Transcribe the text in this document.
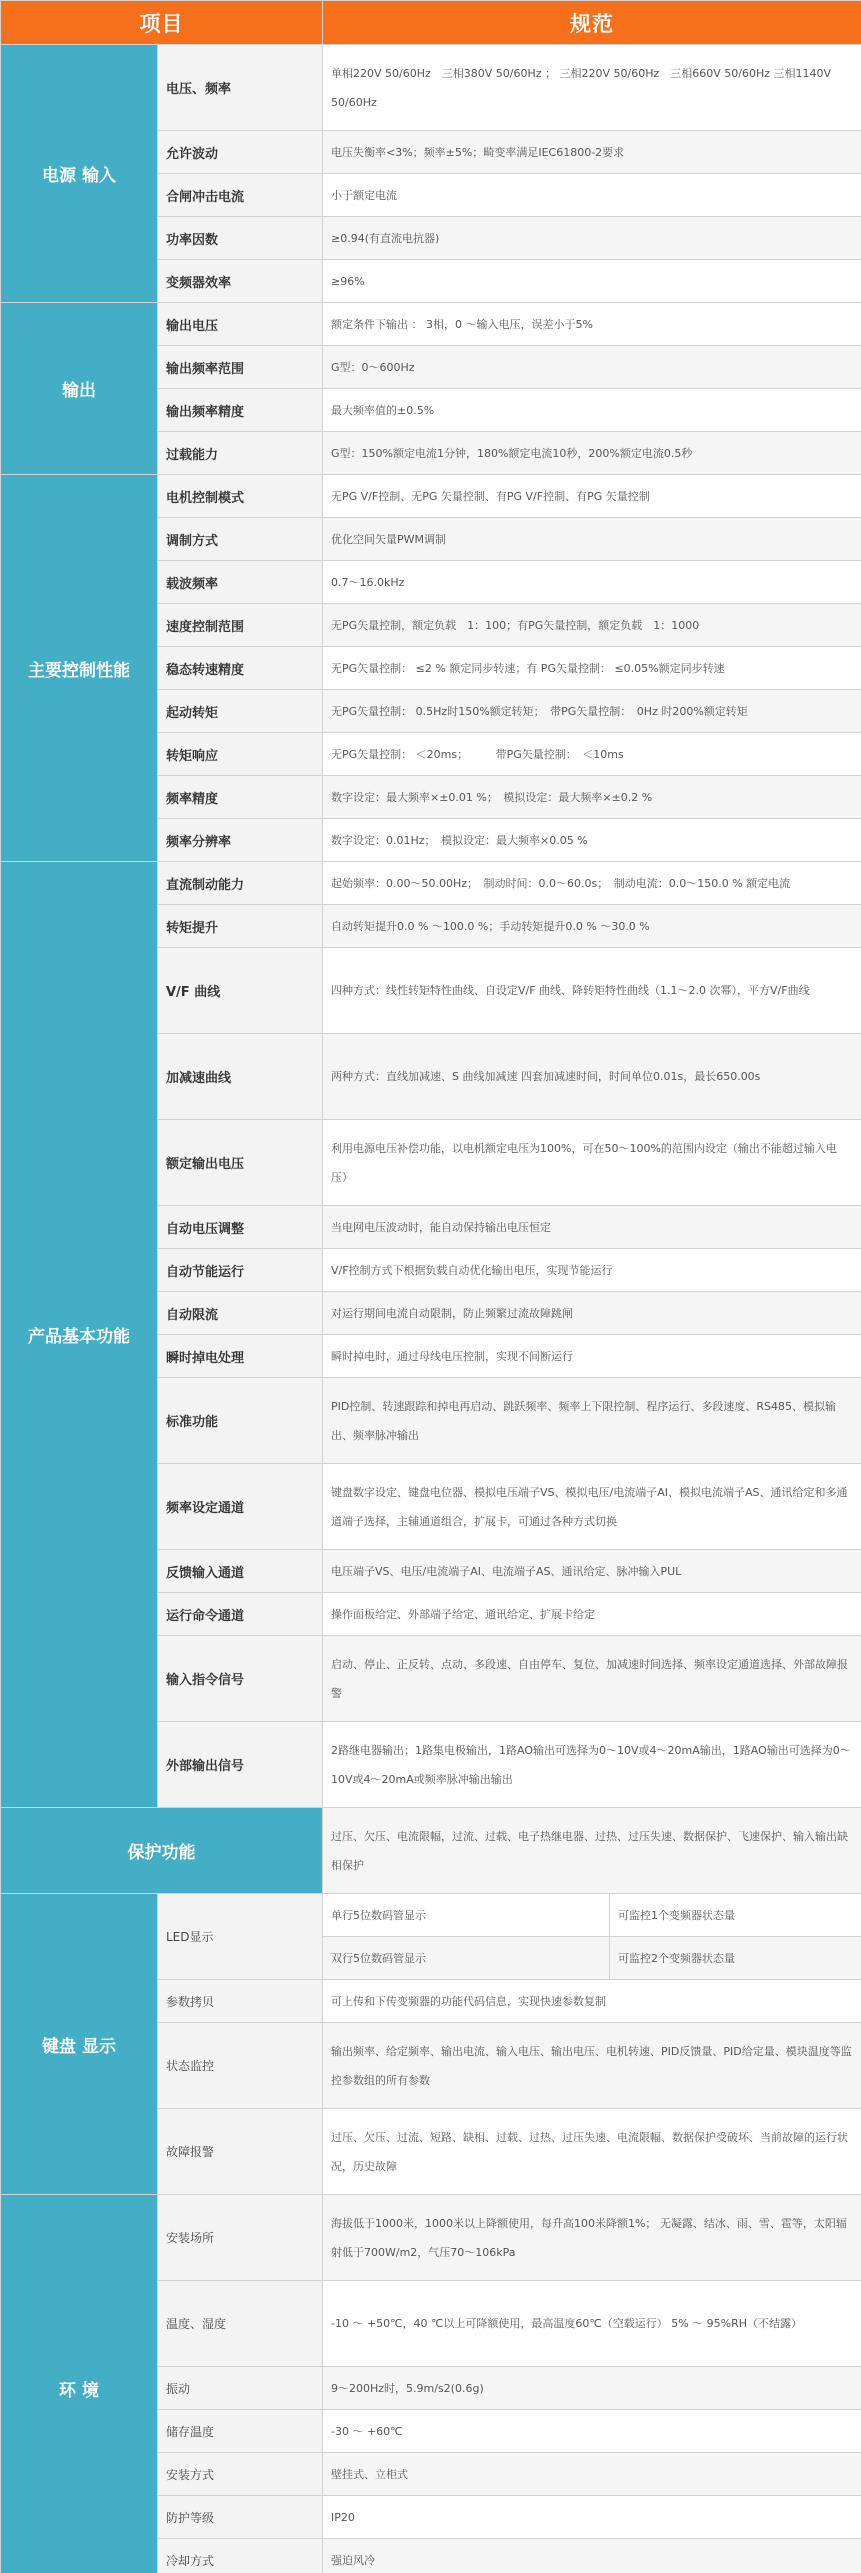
项目		规范	
电源 输入	电压、频率	单相220V 50/60Hz　三相380V 50/60Hz ； 三相220V 50/60Hz　三相660V 50/60Hz 三相1140V 50/60Hz	
	允许波动	电压失衡率<3%；频率±5%；畸变率满足IEC61800-2要求	
	合闸冲击电流	小于额定电流	
	功率因数	≥0.94(有直流电抗器)	
	变频器效率	≥96%	
输出	输出电压	额定条件下输出 ： 3相，0 ～输入电压，误差小于5%	
	输出频率范围	G型：0～600Hz	
	输出频率精度	最大频率值的±0.5%	
	过载能力	G型：150%额定电流1分钟，180%额定电流10秒，200%额定电流0.5秒	
主要控制性能	电机控制模式	无PG V/F控制、无PG 矢量控制、有PG V/F控制、有PG 矢量控制	
	调制方式	优化空间矢量PWM调制	
	载波频率	0.7～16.0kHz	
	速度控制范围	无PG矢量控制，额定负载　1：100；有PG矢量控制，额定负载　1：1000	
	稳态转速精度	无PG矢量控制： ≤2 % 额定同步转速；有 PG矢量控制： ≤0.05%额定同步转速	
	起动转矩	无PG矢量控制： 0.5Hz时150%额定转矩；　带PG矢量控制：　0Hz 时200%额定转矩	
	转矩响应	无PG矢量控制： ＜20ms；　　　带PG矢量控制：　＜10ms	
	频率精度	数字设定：最大频率×±0.01 %；　模拟设定：最大频率×±0.2 %	
	频率分辨率	数字设定：0.01Hz；　模拟设定：最大频率×0.05 %	
产品基本功能	直流制动能力	起始频率：0.00～50.00Hz；　制动时间：0.0～60.0s；　制动电流：0.0～150.0 % 额定电流	
	转矩提升	自动转矩提升0.0 % ～100.0 %；手动转矩提升0.0 % ～30.0 %	
	V/F 曲线	四种方式：线性转矩特性曲线、自设定V/F 曲线、降转矩特性曲线（1.1～2.0 次幂），平方V/F曲线	
	加减速曲线	两种方式：直线加减速、S 曲线加减速 四套加减速时间，时间单位0.01s，最长650.00s	
	额定输出电压	利用电源电压补偿功能，以电机额定电压为100%，可在50～100%的范围内设定（输出不能超过输入电压）	
	自动电压调整	当电网电压波动时，能自动保持输出电压恒定	
	自动节能运行	V/F控制方式下根据负载自动优化输出电压，实现节能运行	
	自动限流	对运行期间电流自动限制，防止频繁过流故障跳闸	
	瞬时掉电处理	瞬时掉电时，通过母线电压控制，实现不间断运行	
	标准功能	PID控制、转速跟踪和掉电再启动、跳跃频率、频率上下限控制、程序运行、多段速度、RS485、模拟输出、频率脉冲输出	
	频率设定通道	键盘数字设定、键盘电位器、模拟电压端子VS、模拟电压/电流端子AI、模拟电流端子AS、通讯给定和多通道端子选择，主辅通道组合，扩展卡，可通过各种方式切换	
	反馈输入通道	电压端子VS、电压/电流端子AI、电流端子AS、通讯给定、脉冲输入PUL	
	运行命令通道	操作面板给定、外部端子给定、通讯给定、扩展卡给定	
	输入指令信号	启动、停止、正反转、点动、多段速、自由停车、复位、加减速时间选择、频率设定通道选择、外部故障报警	
	外部输出信号	2路继电器输出；1路集电极输出，1路AO输出可选择为0～10V或4～20mA输出，1路AO输出可选择为0～10V或4～20mA或频率脉冲输出输出	
保护功能		过压、欠压、电流限幅，过流、过载、电子热继电器、过热、过压失速、数据保护、飞速保护、输入输出缺相保护	
键盘 显示	LED显示	单行5位数码管显示	可监控1个变频器状态量
		双行5位数码管显示	可监控2个变频器状态量
	参数拷贝	可上传和下传变频器的功能代码信息，实现快速参数复制	
	状态监控	输出频率、给定频率、输出电流、输入电压、输出电压、电机转速、PID反馈量、PID给定量、模块温度等监控参数组的所有参数	
	故障报警	过压、欠压、过流、短路、缺相、过载、过热、过压失速、电流限幅、数据保护受破坏、当前故障的运行状况，历史故障	
环 境	安装场所	海拔低于1000米，1000米以上降额使用，每升高100米降额1%； 无凝露、结冰、雨、雪、雹等，太阳辐射低于700W/m2，气压70～106kPa	
	温度、湿度	-10 ～ +50℃，40 ℃以上可降额使用，最高温度60℃（空载运行） 5% ～ 95%RH（不结露）	
	振动	9～200Hz时，5.9m/s2(0.6g)	
	储存温度	-30 ～ +60℃	
	安装方式	壁挂式、立柜式	
	防护等级	IP20	
	冷却方式	强迫风冷	
